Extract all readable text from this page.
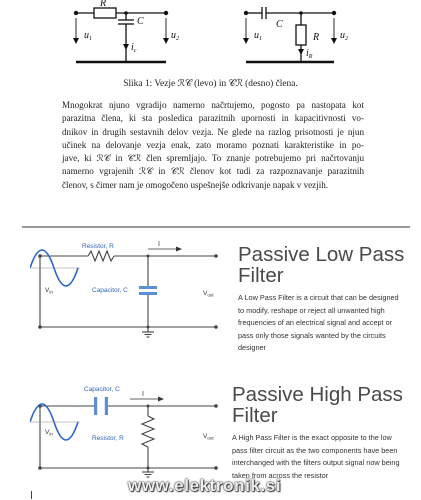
R
C
$i_c$
$u_1$	$u_2$
C
R
$i_R$
$u_1$	$u_2$
Slika 1: Vezje ℛ𝒞 (levo) in 𝒞ℛ (desno) člena.

Mnogokrat njuno vgradijo namerno načrtujemo, pogosto pa nastopata kot
parazitna člena, ki sta posledica parazitnih upornosti in kapacitivnosti vo-
dnikov in drugih sestavnih delov vezja. Ne glede na razlog prisotnosti je njun
učinek na delovanje vezja enak, zato moramo poznati karakteristike in po-
jave, ki ℛ𝒞 in 𝒞ℛ člen spremljajo. To znanje potrebujemo pri načrtovanju
namerno vgrajenih ℛ𝒞 in 𝒞ℛ členov kot tudi za razpoznavanje parazitnih
členov, s čimer nam je omogočeno uspešnejše odkrivanje napak v vezjih.

I
Resistor, R
Capacitor, C
$V_{in}$	$V_{out}$
Passive Low Pass Filter

A Low Pass Filter is a circuit that can be designed to modify, reshape or reject all unwanted high frequencies of an electrical signal and accept or pass only those signals wanted by the circuits designer

I
Capacitor, C
Resistor, R
$V_{in}$	$V_{out}$
Passive High Pass Filter

A High Pass Filter is the exact opposite to the low pass filter circuit as the two components have been interchanged with the filters output signal now being taken from across the resistor

www.elektronik.si
